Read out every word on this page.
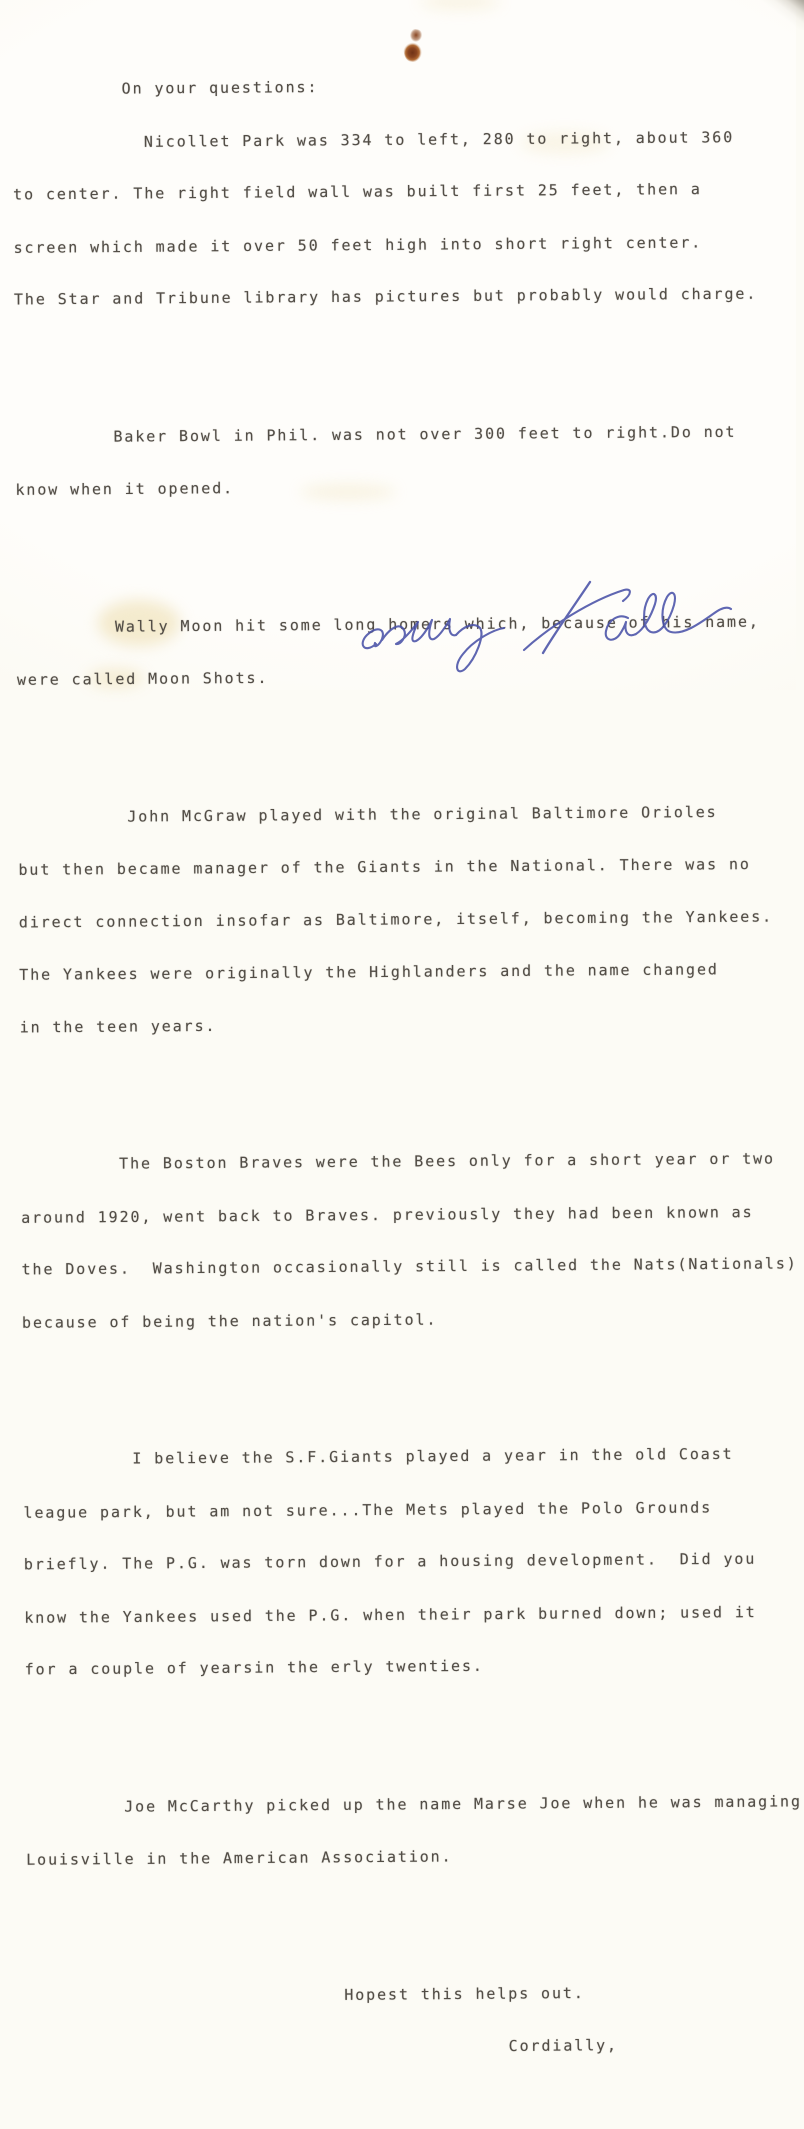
On your questions:

Nicollet Park was 334 to left, 280 to right, about 360

to center. The right field wall was built first 25 feet, then a

screen which made it over 50 feet high into short right center.

The Star and Tribune library has pictures but probably would charge.

Baker Bowl in Phil. was not over 300 feet to right.Do not

know when it opened.

Wally Moon hit some long homers which, because of his name,

were called Moon Shots.

John McGraw played with the original Baltimore Orioles

but then became manager of the Giants in the National. There was no

direct connection insofar as Baltimore, itself, becoming the Yankees.

The Yankees were originally the Highlanders and the name changed

in the teen years.

The Boston Braves were the Bees only for a short year or two

around 1920, went back to Braves. previously they had been known as

the Doves.  Washington occasionally still is called the Nats(Nationals)

because of being the nation's capitol.

I believe the S.F.Giants played a year in the old Coast

league park, but am not sure...The Mets played the Polo Grounds

briefly. The P.G. was torn down for a housing development.  Did you

know the Yankees used the P.G. when their park burned down; used it

for a couple of yearsin the erly twenties.

Joe McCarthy picked up the name Marse Joe when he was managing

Louisville in the American Association.

Hopest this helps out.

Cordially,
